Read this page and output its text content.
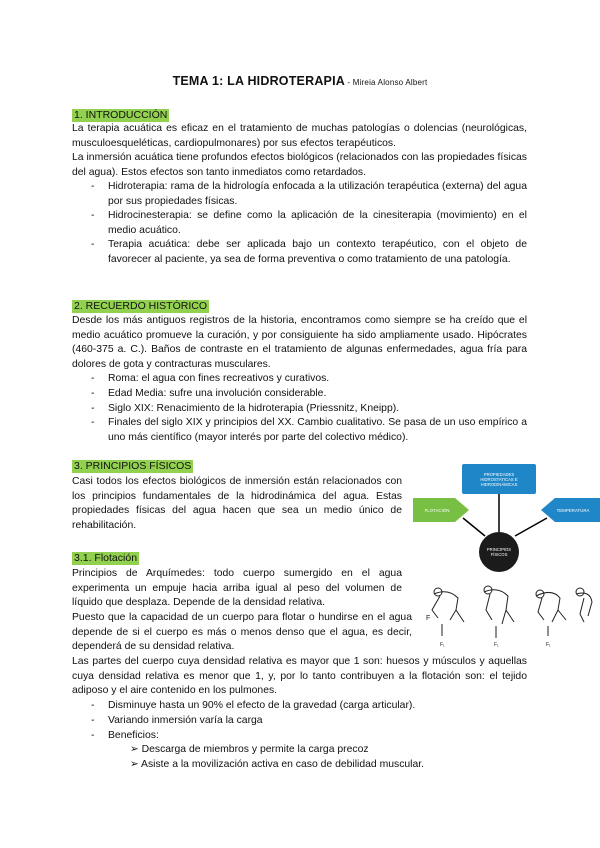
TEMA 1: LA HIDROTERAPIA - Mireia Alonso Albert
1. INTRODUCCIÓN
La terapia acuática es eficaz en el tratamiento de muchas patologías o dolencias (neurológicas, musculoesqueléticas, cardiopulmonares) por sus efectos terapéuticos.
La inmersión acuática tiene profundos efectos biológicos (relacionados con las propiedades físicas del agua). Estos efectos son tanto inmediatos como retardados.
-	Hidroterapia: rama de la hidrología enfocada a la utilización terapéutica (externa) del agua por sus propiedades físicas.
-	Hidrocinesterapia: se define como la aplicación de la cinesiterapia (movimiento) en el medio acuático.
-	Terapia acuática: debe ser aplicada bajo un contexto terapéutico, con el objeto de favorecer al paciente, ya sea de forma preventiva o como tratamiento de una patología.
2. RECUERDO HISTÓRICO
Desde los más antiguos registros de la historia, encontramos como siempre se ha creído que el medio acuático promueve la curación, y por consiguiente ha sido ampliamente usado. Hipócrates (460-375 a. C.). Baños de contraste en el tratamiento de algunas enfermedades, agua fría para dolores de gota y contracturas musculares.
-	Roma: el agua con fines recreativos y curativos.
-	Edad Media: sufre una involución considerable.
-	Siglo XIX: Renacimiento de la hidroterapia (Priessnitz, Kneipp).
-	Finales del siglo XIX y principios del XX. Cambio cualitativo. Se pasa de un uso empírico a uno más científico (mayor interés por parte del colectivo médico).
3. PRINCIPIOS FÍSICOS
Casi todos los efectos biológicos de inmersión están relacionados con los principios fundamentales de la hidrodinámica del agua. Estas propiedades físicas del agua hacen que sea un medio único de rehabilitación.
PROPIEDADES HIDROSTATICAS E HIDRODINÁMICAS
FLOTACIÓN	TEMPERATURA
PRINCIPIOS FÍSICOS
3.1. Flotación
Principios de Arquímedes: todo cuerpo sumergido en el agua experimenta un empuje hacia arriba igual al peso del volumen de líquido que desplaza. Depende de la densidad relativa.
Puesto que la capacidad de un cuerpo para flotar o hundirse en el agua depende de si el cuerpo es más o menos denso que el agua, es decir, dependerá de su densidad relativa.
Las partes del cuerpo cuya densidad relativa es mayor que 1 son: huesos y músculos y aquellas cuya densidad relativa es menor que 1, y, por lo tanto contribuyen a la flotación son: el tejido adiposo y el aire contenido en los pulmones.
F
F₁	F₁	F₁
-	Disminuye hasta un 90% el efecto de la gravedad (carga articular).
-	Variando inmersión varía la carga
-	Beneficios:
➢ Descarga de miembros y permite la carga precoz
➢ Asiste a la movilización activa en caso de debilidad muscular.
